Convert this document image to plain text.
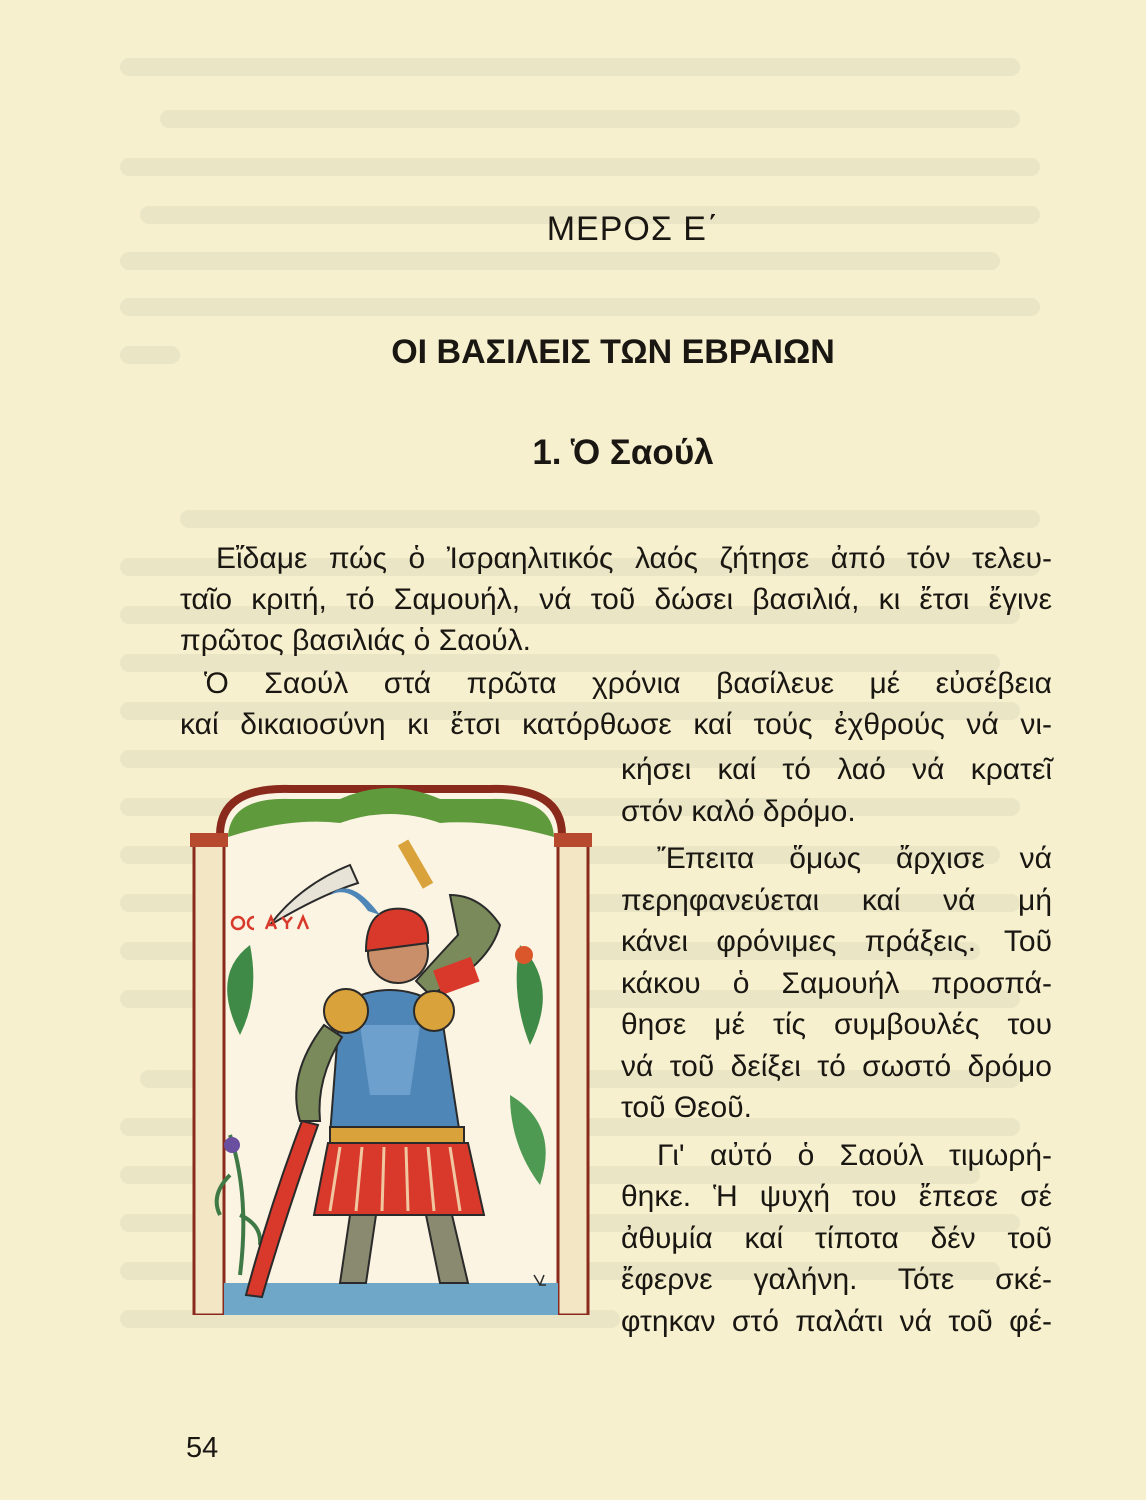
ΜΕΡΟΣ Ε΄
ΟΙ ΒΑΣΙΛΕΙΣ ΤΩΝ ΕΒΡΑΙΩΝ
1. Ὁ Σαούλ
Εἴδαμε πώς ὁ Ἰσραηλιτικός λαός ζήτησε ἀπό τόν τελευ-
ταῖο κριτή, τό Σαμουήλ, νά τοῦ δώσει βασιλιά, κι ἔτσι ἔγινε
πρῶτος βασιλιάς ὁ Σαούλ.
Ὁ Σαούλ στά πρῶτα χρόνια βασίλευε μέ εὐσέβεια
καί δικαιοσύνη κι ἔτσι κατόρθωσε καί τούς ἐχθρούς νά νι-
κήσει καί τό λαό νά κρατεῖ
στόν καλό δρόμο.
Ἔπειτα ὅμως ἄρχισε νά
περηφανεύεται καί νά μή
κάνει φρόνιμες πράξεις. Τοῦ
κάκου ὁ Σαμουήλ προσπά-
θησε μέ τίς συμβουλές του
νά τοῦ δείξει τό σωστό δρόμο
τοῦ Θεοῦ.
Γι' αὐτό ὁ Σαούλ τιμωρή-
θηκε. Ἡ ψυχή του ἔπεσε σέ
ἀθυμία καί τίποτα δέν τοῦ
ἔφερνε γαλήνη. Τότε σκέ-
φτηκαν στό παλάτι νά τοῦ φέ-
54
